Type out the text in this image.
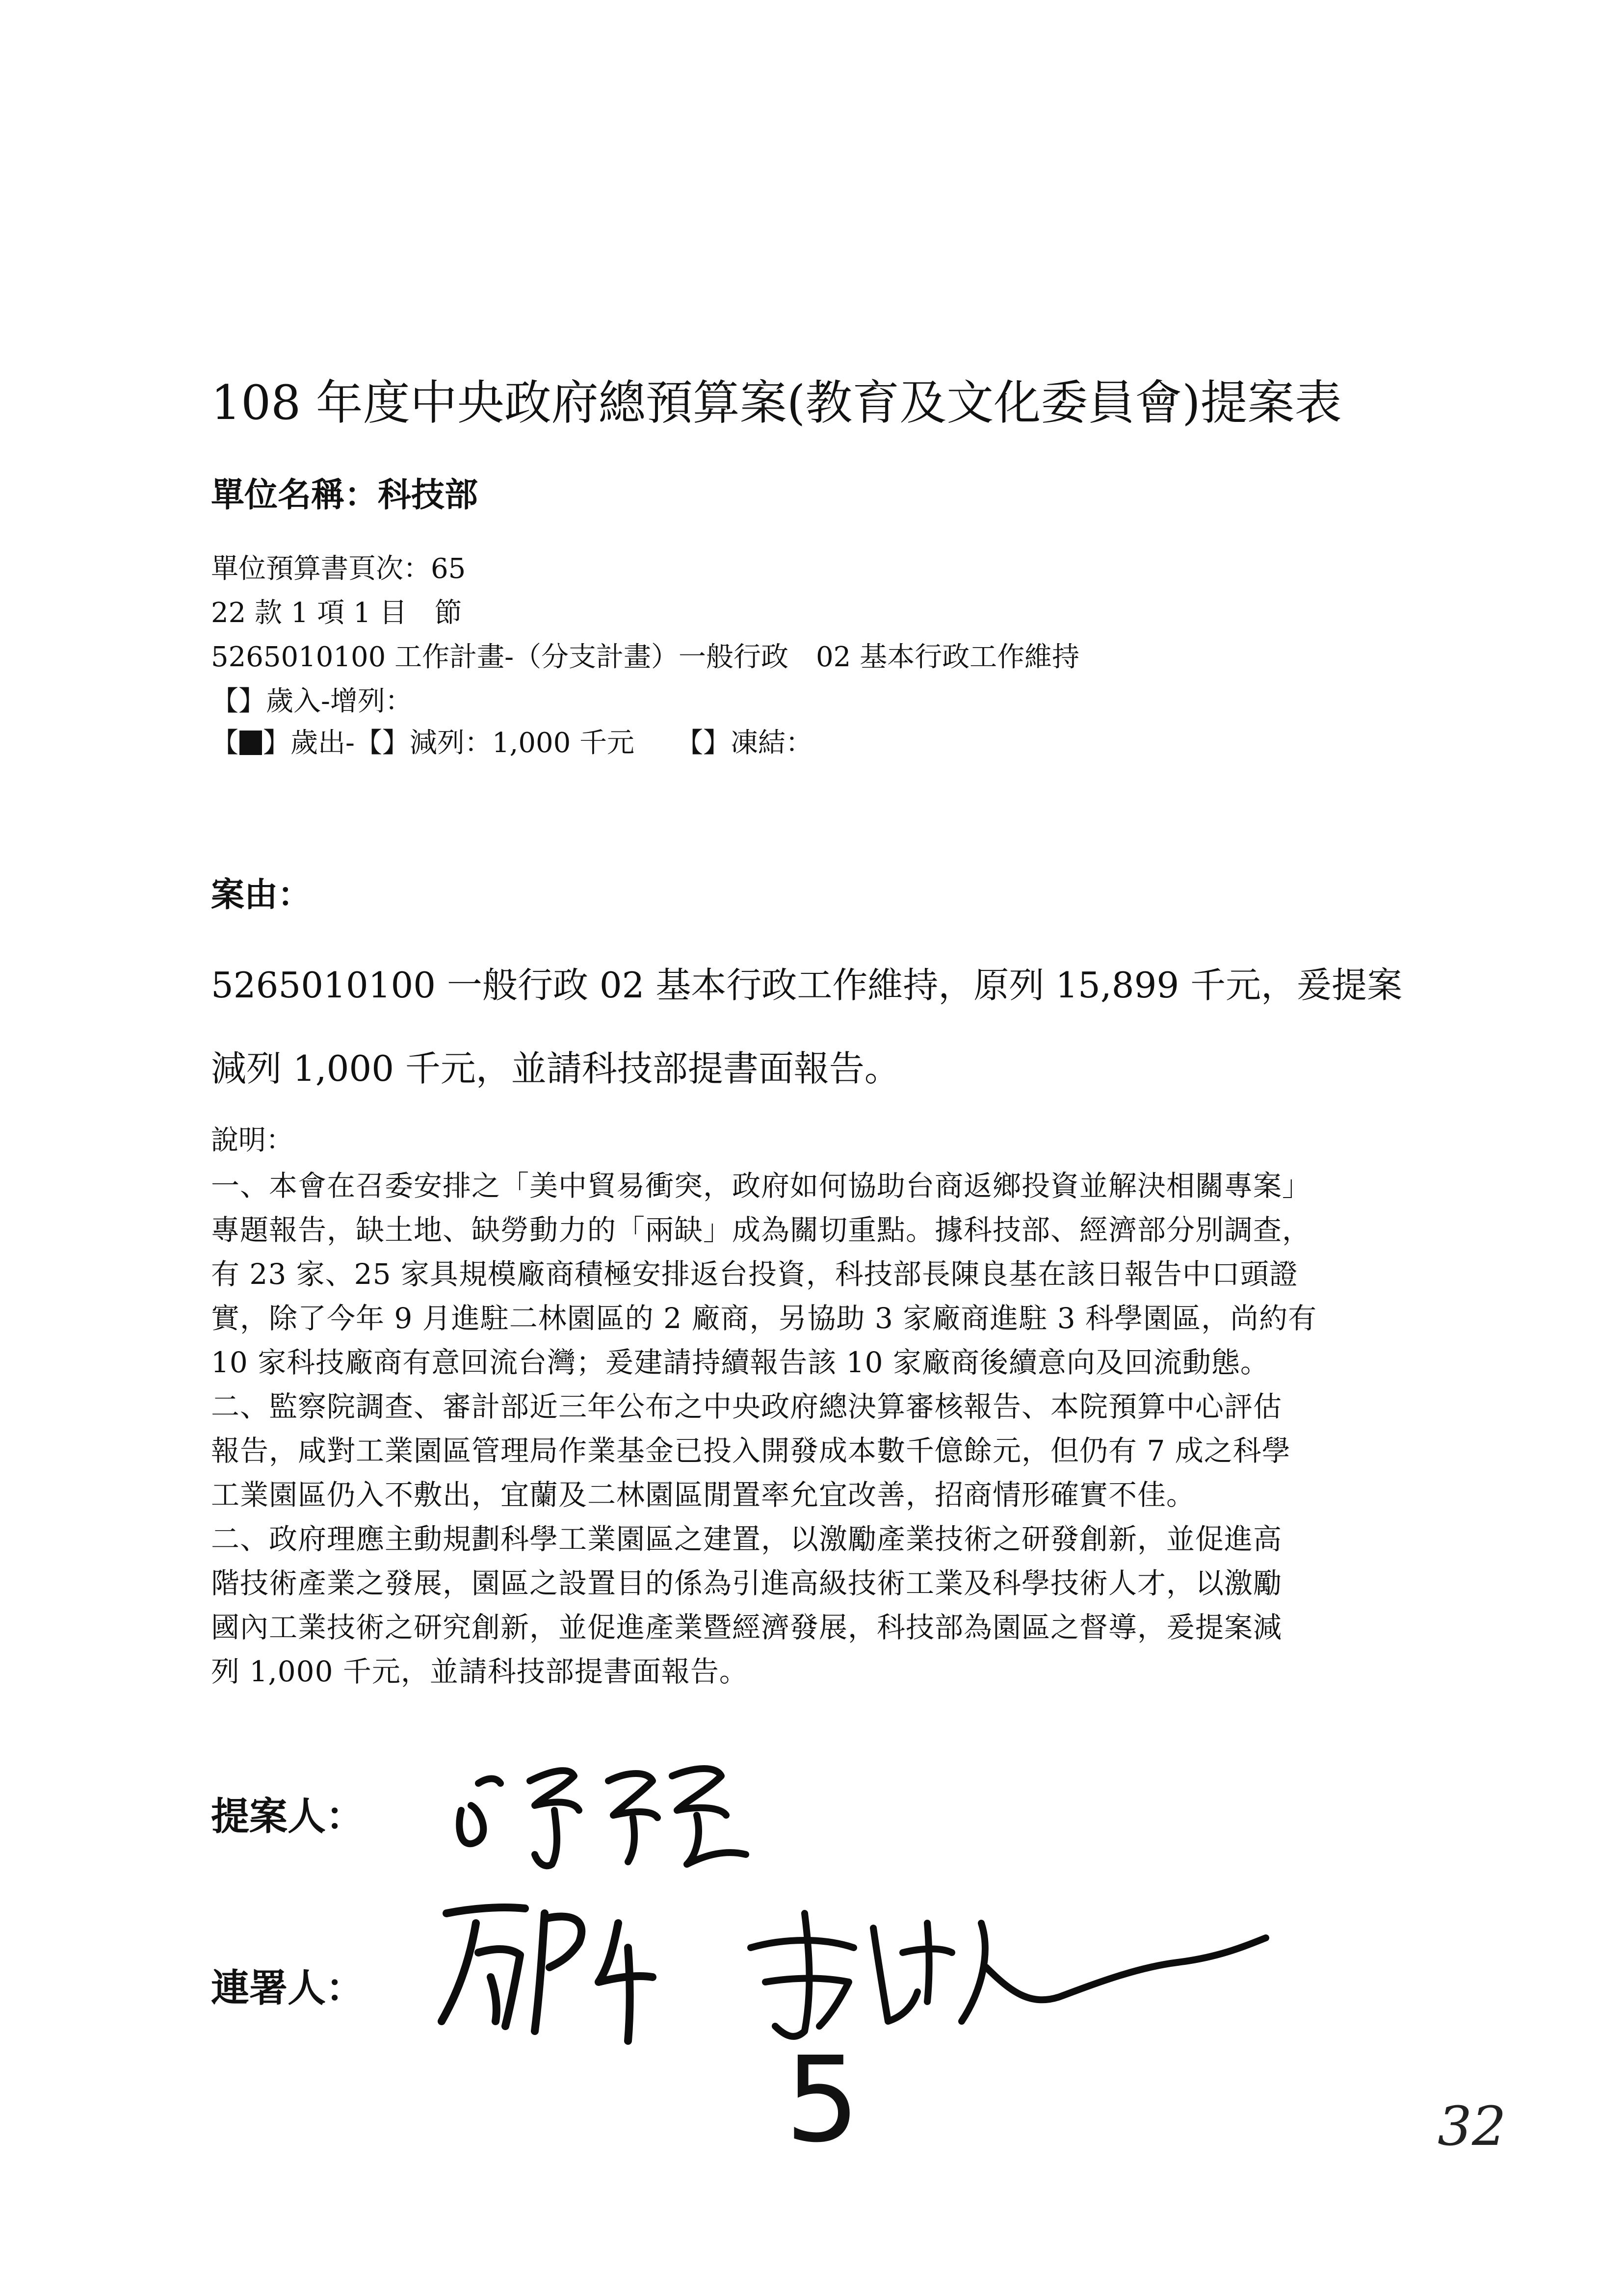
108 年度中央政府總預算案(教育及文化委員會)提案表
單位名稱：科技部
單位預算書頁次：65
22 款 1 項 1 目　節
5265010100 工作計畫-（分支計畫）一般行政　02 基本行政工作維持
【】歲入-增列：
【 】歲出-【】減列：1,000 千元　　【】凍結：
案由：
5265010100 一般行政 02 基本行政工作維持，原列 15,899 千元，爰提案
減列 1,000 千元，並請科技部提書面報告。
說明：
一、本會在召委安排之「美中貿易衝突，政府如何協助台商返鄉投資並解決相關專案」
專題報告，缺土地、缺勞動力的「兩缺」成為關切重點。據科技部、經濟部分別調查，
有 23 家、25 家具規模廠商積極安排返台投資，科技部長陳良基在該日報告中口頭證
實，除了今年 9 月進駐二林園區的 2 廠商，另協助 3 家廠商進駐 3 科學園區，尚約有
10 家科技廠商有意回流台灣；爰建請持續報告該 10 家廠商後續意向及回流動態。
二、監察院調查、審計部近三年公布之中央政府總決算審核報告、本院預算中心評估
報告，咸對工業園區管理局作業基金已投入開發成本數千億餘元，但仍有 7 成之科學
工業園區仍入不敷出，宜蘭及二林園區閒置率允宜改善，招商情形確實不佳。
二、政府理應主動規劃科學工業園區之建置，以激勵產業技術之研發創新，並促進高
階技術產業之發展，園區之設置目的係為引進高級技術工業及科學技術人才，以激勵
國內工業技術之研究創新，並促進產業暨經濟發展，科技部為園區之督導，爰提案減
列 1,000 千元，並請科技部提書面報告。
提案人：
連署人：
5	32
